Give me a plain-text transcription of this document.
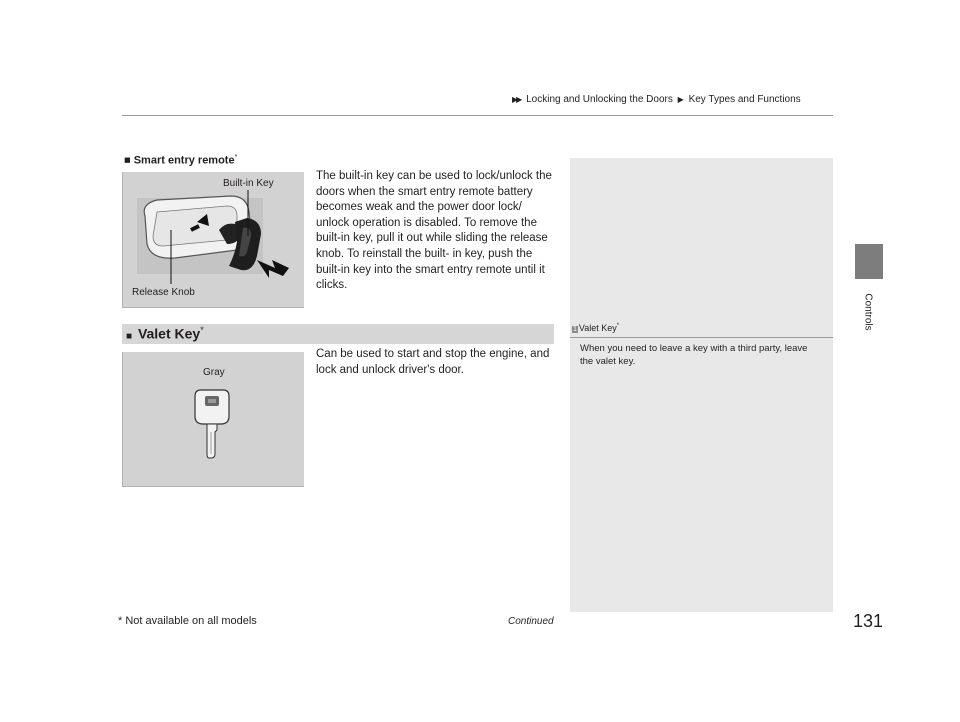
▶▶ Locking and Unlocking the Doors ▶ Key Types and Functions
Controls
■ Smart entry remote*
Built-in Key
Release Knob
The built-in key can be used to lock/unlock the doors when the smart entry remote battery becomes weak and the power door lock/ unlock operation is disabled. To remove the built-in key, pull it out while sliding the release knob. To reinstall the built- in key, push the built-in key into the smart entry remote until it clicks.
■ Valet Key*
Gray
Can be used to start and stop the engine, and lock and unlock driver's door.
1 Valet Key*
When you need to leave a key with a third party, leave the valet key.
* Not available on all models	Continued	131
